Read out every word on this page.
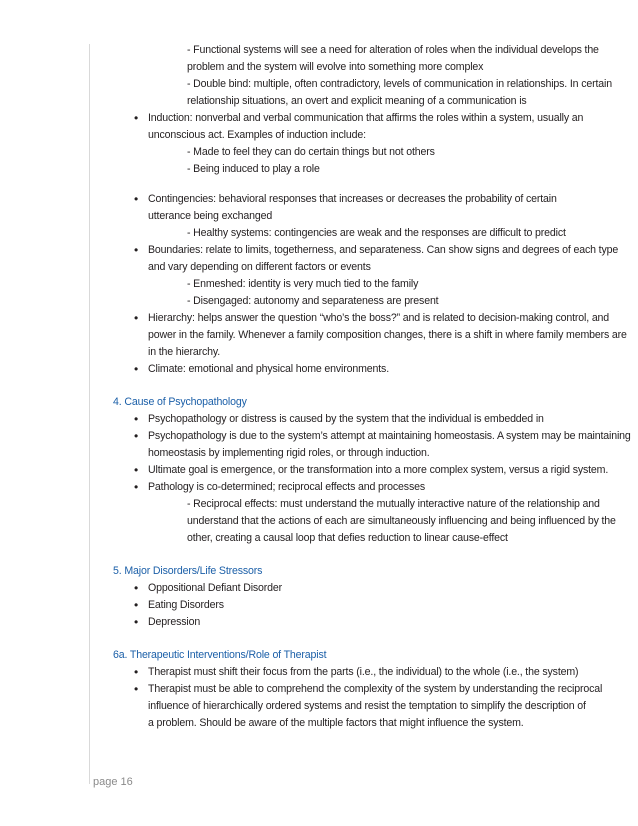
- Functional systems will see a need for alteration of roles when the individual develops the
problem and the system will evolve into something more complex
- Double bind: multiple, often contradictory, levels of communication in relationships. In certain
relationship situations, an overt and explicit meaning of a communication is
• Induction: nonverbal and verbal communication that affirms the roles within a system, usually an
unconscious act. Examples of induction include:
- Made to feel they can do certain things but not others
- Being induced to play a role
• Contingencies: behavioral responses that increases or decreases the probability of certain
utterance being exchanged
- Healthy systems: contingencies are weak and the responses are difficult to predict
• Boundaries: relate to limits, togetherness, and separateness. Can show signs and degrees of each type
and vary depending on different factors or events
- Enmeshed: identity is very much tied to the family
- Disengaged: autonomy and separateness are present
• Hierarchy: helps answer the question “who’s the boss?” and is related to decision-making control, and
power in the family. Whenever a family composition changes, there is a shift in where family members are
in the hierarchy.
• Climate: emotional and physical home environments.
4. Cause of Psychopathology
• Psychopathology or distress is caused by the system that the individual is embedded in
• Psychopathology is due to the system’s attempt at maintaining homeostasis. A system may be maintaining
homeostasis by implementing rigid roles, or through induction.
• Ultimate goal is emergence, or the transformation into a more complex system, versus a rigid system.
• Pathology is co-determined; reciprocal effects and processes
- Reciprocal effects: must understand the mutually interactive nature of the relationship and
understand that the actions of each are simultaneously influencing and being influenced by the
other, creating a causal loop that defies reduction to linear cause-effect
5. Major Disorders/Life Stressors
• Oppositional Defiant Disorder
• Eating Disorders
• Depression
6a. Therapeutic Interventions/Role of Therapist
• Therapist must shift their focus from the parts (i.e., the individual) to the whole (i.e., the system)
• Therapist must be able to comprehend the complexity of the system by understanding the reciprocal
influence of hierarchically ordered systems and resist the temptation to simplify the description of
a problem. Should be aware of the multiple factors that might influence the system.
page 16
